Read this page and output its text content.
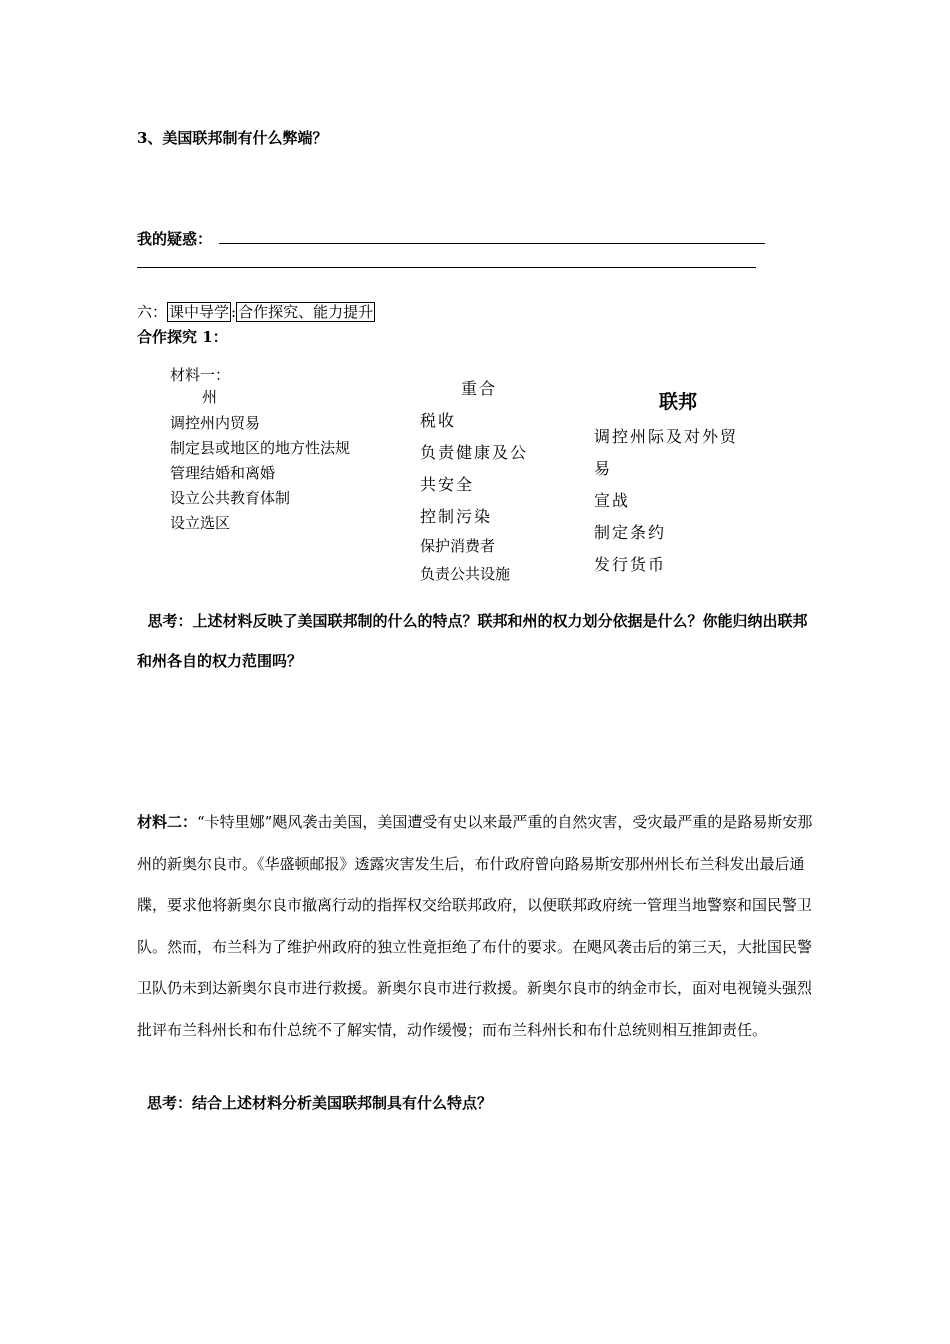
3、美国联邦制有什么弊端？
我的疑惑：
六： 课中导学 : 合作探究、能力提升
合作探究 1：
材料一：
州
调控州内贸易
制定县或地区的地方性法规
管理结婚和离婚
设立公共教育体制
设立选区
重合
税收
负责健康及公
共安全
控制污染
保护消费者
负责公共设施
联邦
调控州际及对外贸
易
宣战
制定条约
发行货币
思考：上述材料反映了美国联邦制的什么的特点？联邦和州的权力划分依据是什么？你能归纳出联邦和州各自的权力范围吗？
材料二：“卡特里娜”飓风袭击美国，美国遭受有史以来最严重的自然灾害，受灾最严重的是路易斯安那州的新奥尔良市。《华盛顿邮报》透露灾害发生后，布什政府曾向路易斯安那州州长布兰科发出最后通牒，要求他将新奥尔良市撤离行动的指挥权交给联邦政府，以便联邦政府统一管理当地警察和国民警卫队。然而，布兰科为了维护州政府的独立性竟拒绝了布什的要求。在飓风袭击后的第三天，大批国民警卫队仍未到达新奥尔良市进行救援。新奥尔良市进行救援。新奥尔良市的纳金市长，面对电视镜头强烈批评布兰科州长和布什总统不了解实情，动作缓慢；而布兰科州长和布什总统则相互推卸责任。
思考：结合上述材料分析美国联邦制具有什么特点？
